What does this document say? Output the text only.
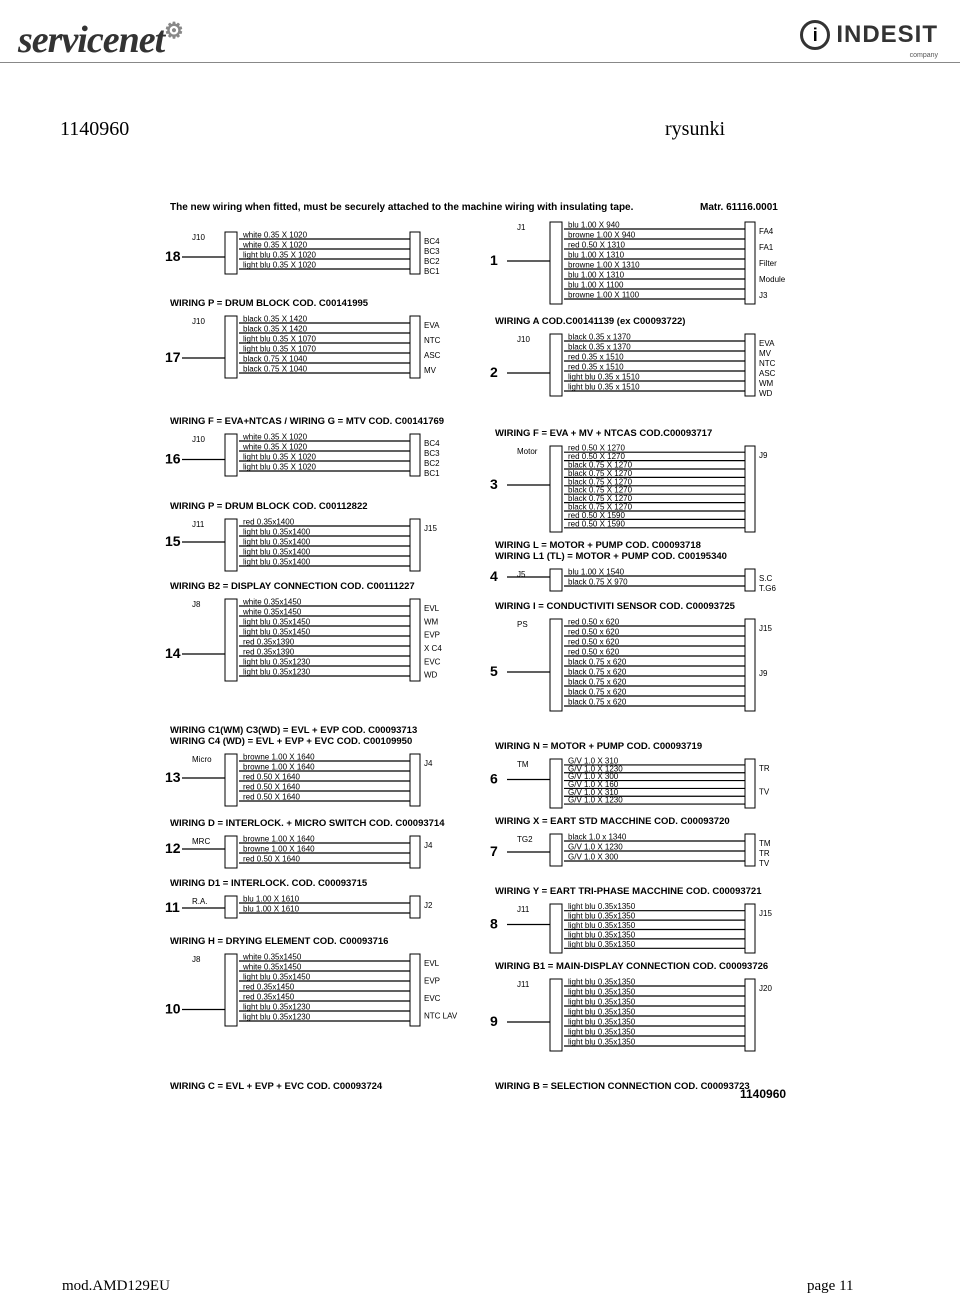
servicenet⚙	i INDESIT
company
1140960	rysunki
The new wiring when fitted, must be securely attached to the machine wiring with insulating tape.	Matr. 61116.0001
1140960
18
J10	white 0.35 X 1020
white 0.35 X 1020
light blu 0.35 X 1020
light blu 0.35 X 1020
BC4
BC3
BC2
BC1
WIRING P = DRUM BLOCK COD. C00141995
17
J10	black 0.35 X 1420
black 0.35 X 1420
light blu 0.35 X 1070
light blu 0.35 X 1070
black 0.75 X 1040
black 0.75 X 1040
EVA
NTC
ASC
MV
WIRING F = EVA+NTCAS / WIRING G = MTV COD. C00141769
16
J10	white 0.35 X 1020
white 0.35 X 1020
light blu 0.35 X 1020
light blu 0.35 X 1020
BC4
BC3
BC2
BC1
WIRING P = DRUM BLOCK COD. C00112822
15
J11	red 0.35x1400
light blu 0.35x1400
light blu 0.35x1400
light blu 0.35x1400
light blu 0.35x1400
J15
WIRING B2 = DISPLAY CONNECTION COD. C00111227
14
J8	white 0.35x1450
white 0.35x1450
light blu 0.35x1450
light blu 0.35x1450
red 0.35x1390
red 0.35x1390
light blu 0.35x1230
light blu 0.35x1230
EVL
WM
EVP
X C4
EVC
WD
WIRING C1(WM) C3(WD) = EVL + EVP COD. C00093713
WIRING C4 (WD) = EVL + EVP + EVC COD. C00109950
13
Micro	browne 1.00 X 1640
browne 1.00 X 1640
red 0.50 X 1640
red 0.50 X 1640
red 0.50 X 1640
J4
WIRING D = INTERLOCK. + MICRO SWITCH COD. C00093714
12 MRC	browne 1.00 X 1640
browne 1.00 X 1640
red 0.50 X 1640
J4
WIRING D1 = INTERLOCK. COD. C00093715
11 R.A.	blu 1.00 X 1610
blu 1.00 X 1610	J2
WIRING H = DRYING ELEMENT COD. C00093716
10
J8	white 0.35x1450
white 0.35x1450
light blu 0.35x1450
red 0.35x1450
red 0.35x1450
light blu 0.35x1230
light blu 0.35x1230
EVL
EVP
EVC
NTC LAV
WIRING C = EVL + EVP + EVC COD. C00093724
1
J1	blu 1.00 X 940
browne 1.00 X 940
red 0.50 X 1310
blu 1.00 X 1310
browne 1.00 X 1310
blu 1.00 X 1310
blu 1.00 X 1100
browne 1.00 X 1100
FA4
FA1
Filter
Module
J3
WIRING A COD.C00141139 (ex C00093722)
2
J10	black 0.35 x 1370
black 0.35 x 1370
red 0.35 x 1510
red 0.35 x 1510
light blu 0.35 x 1510
light blu 0.35 x 1510
EVA
MV
NTC
ASC
WM
WD
WIRING F = EVA + MV + NTCAS COD.C00093717
3
Motor	red 0.50 X 1270
red 0.50 X 1270
black 0.75 X 1270
black 0.75 X 1270
black 0.75 X 1270
black 0.75 X 1270
black 0.75 X 1270
black 0.75 X 1270
red 0.50 X 1590
red 0.50 X 1590
J9
WIRING L = MOTOR + PUMP COD. C00093718
WIRING L1 (TL) = MOTOR + PUMP COD. C00195340
4 J5	blu 1.00 X 1540
black 0.75 X 970	S.C
T.G6
WIRING I = CONDUCTIVITI SENSOR COD. C00093725
5
PS	red 0.50 x 620
red 0.50 x 620
red 0.50 x 620
red 0.50 x 620
black 0.75 x 620
black 0.75 x 620
black 0.75 x 620
black 0.75 x 620
black 0.75 x 620
J15
J9
WIRING N = MOTOR + PUMP COD. C00093719
6
TM	G/V 1.0 X 310
G/V 1.0 X 1230
G/V 1.0 X 300
G/V 1.0 X 160
G/V 1.0 X 310
G/V 1.0 X 1230
TR
TV
WIRING X = EART STD MACCHINE COD. C00093720
7
TG2	black 1.0 x 1340
G/V 1.0 X 1230
G/V 1.0 X 300
TM
TR
TV
WIRING Y = EART TRI-PHASE MACCHINE COD. C00093721
8
J11	light blu 0.35x1350
light blu 0.35x1350
light blu 0.35x1350
light blu 0.35x1350
light blu 0.35x1350
J15
WIRING B1 = MAIN-DISPLAY CONNECTION COD. C00093726
9
J11	light blu 0.35x1350
light blu 0.35x1350
light blu 0.35x1350
light blu 0.35x1350
light blu 0.35x1350
light blu 0.35x1350
light blu 0.35x1350
J20
WIRING B = SELECTION CONNECTION COD. C00093723
mod.AMD129EU	page 11
